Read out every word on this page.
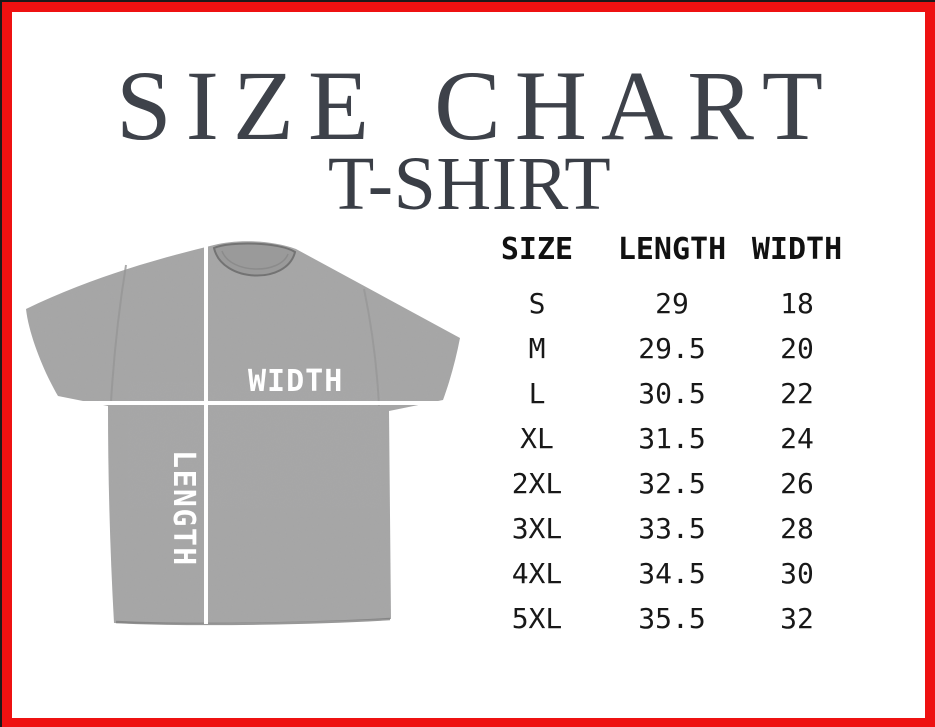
WIDTH
LENGTH
SIZE CHART
T-SHIRT
SIZE	LENGTH WIDTH
S	29	18
M	29.5	20
L	30.5	22
XL	31.5	24
2XL	32.5	26
3XL	33.5	28
4XL	34.5	30
5XL	35.5	32
